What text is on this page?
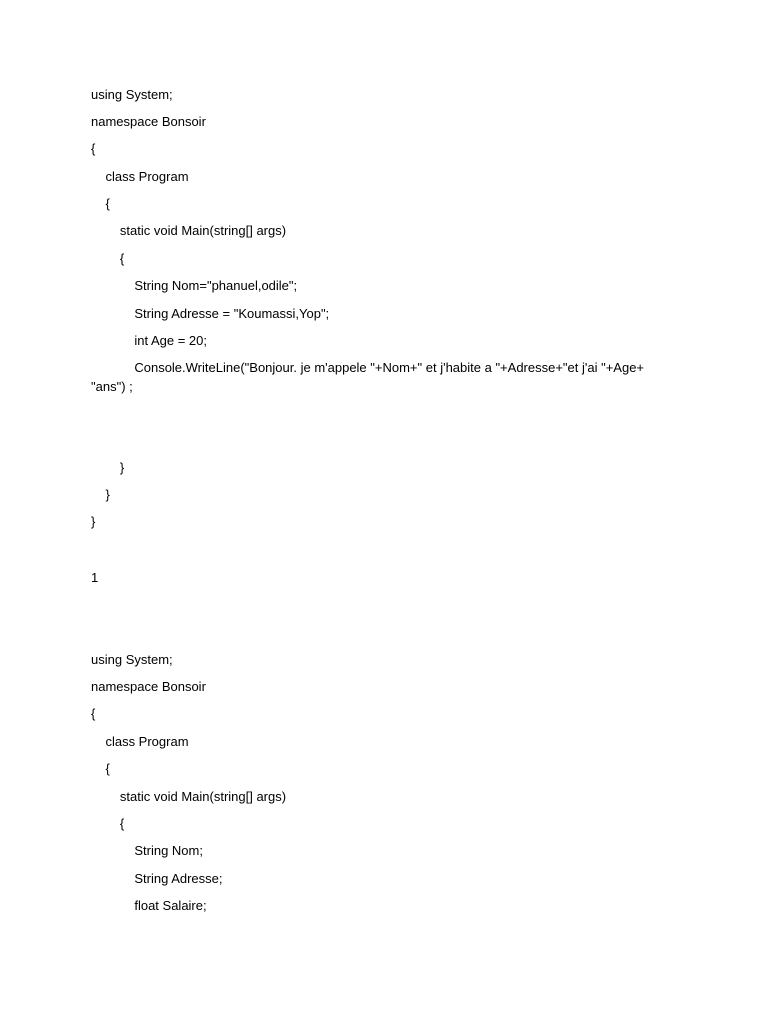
using System;

namespace Bonsoir

{

class Program

{

static void Main(string[] args)

{

String Nom="phanuel,odile";

String Adresse = "Koumassi,Yop";

int Age = 20;

Console.WriteLine("Bonjour. je m'appele "+Nom+" et j'habite a "+Adresse+"et j'ai "+Age+ "ans") ;

}

}

}

1

using System;

namespace Bonsoir

{

class Program

{

static void Main(string[] args)

{

String Nom;

String Adresse;

float Salaire;
